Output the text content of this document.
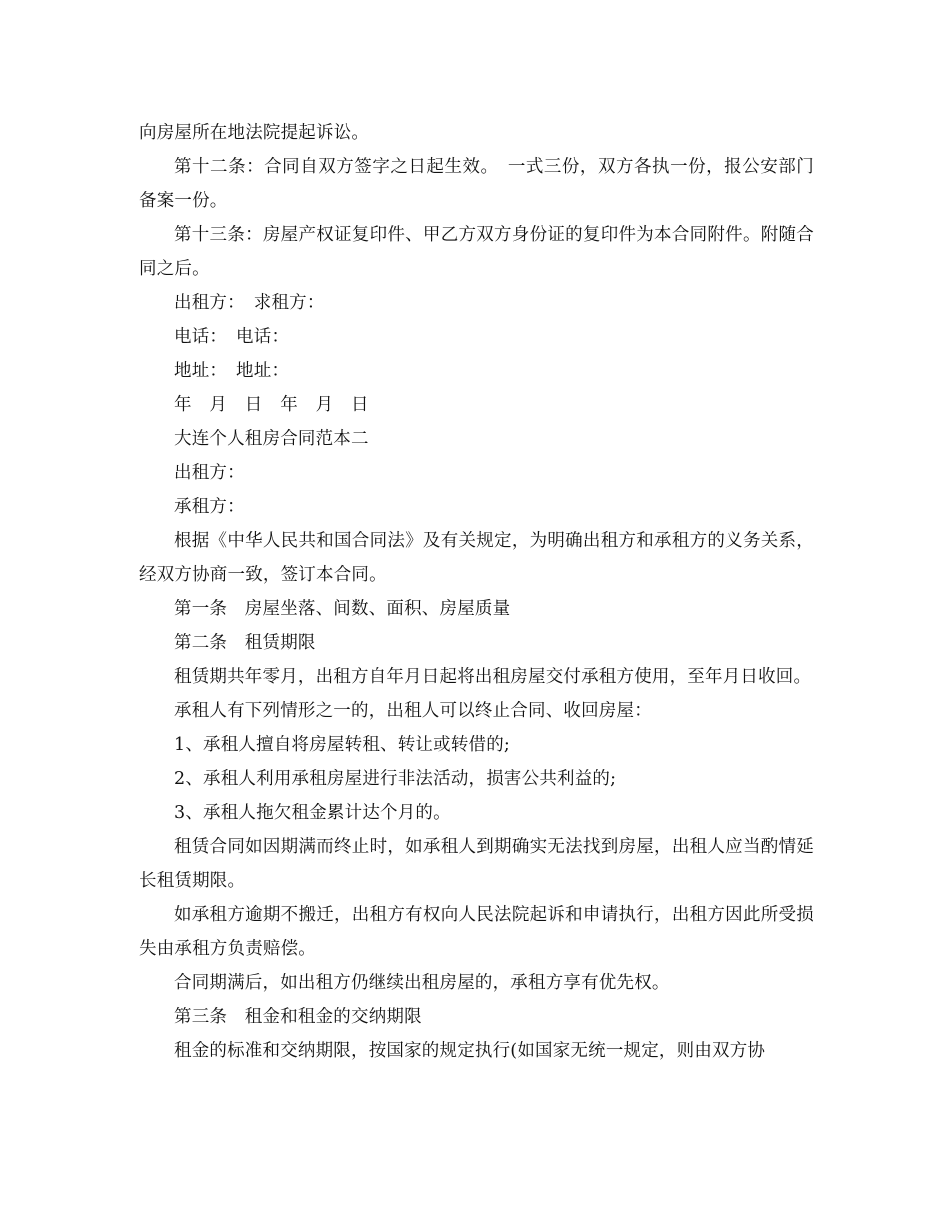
向房屋所在地法院提起诉讼。

第十二条：合同自双方签字之日起生效。　一式三份，双方各执一份，报公安部门备案一份。

第十三条：房屋产权证复印件、甲乙方双方身份证的复印件为本合同附件。附随合同之后。

出租方：　求租方：

电话：　电话：

地址：　地址：

年　月　日　年　月　日

大连个人租房合同范本二

出租方：

承租方：

根据《中华人民共和国合同法》及有关规定，为明确出租方和承租方的义务关系，经双方协商一致，签订本合同。

第一条　房屋坐落、间数、面积、房屋质量

第二条　租赁期限

租赁期共年零月，出租方自年月日起将出租房屋交付承租方使用，至年月日收回。

承租人有下列情形之一的，出租人可以终止合同、收回房屋：

1、承租人擅自将房屋转租、转让或转借的;

2、承租人利用承租房屋进行非法活动，损害公共利益的;

3、承租人拖欠租金累计达个月的。

租赁合同如因期满而终止时，如承租人到期确实无法找到房屋，出租人应当酌情延长租赁期限。

如承租方逾期不搬迁，出租方有权向人民法院起诉和申请执行，出租方因此所受损失由承租方负责赔偿。

合同期满后，如出租方仍继续出租房屋的，承租方享有优先权。

第三条　租金和租金的交纳期限

租金的标准和交纳期限，按国家的规定执行(如国家无统一规定，则由双方协
